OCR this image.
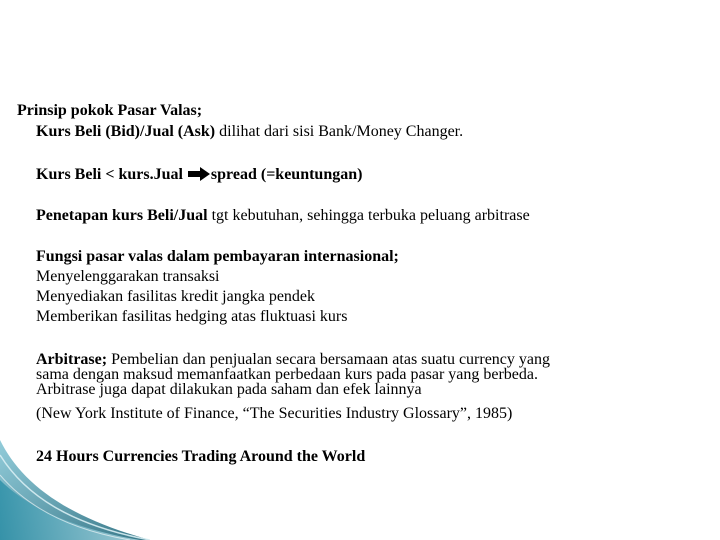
Prinsip pokok Pasar Valas;
Kurs Beli (Bid)/Jual (Ask) dilihat dari sisi Bank/Money Changer.
Kurs Beli < kurs.Jual spread (=keuntungan)
Penetapan kurs Beli/Jual tgt kebutuhan, sehingga terbuka peluang arbitrase
Fungsi pasar valas dalam pembayaran internasional;
Menyelenggarakan transaksi
Menyediakan fasilitas kredit jangka pendek
Memberikan fasilitas hedging atas fluktuasi kurs
Arbitrase; Pembelian dan penjualan secara bersamaan atas suatu currency yang
sama dengan maksud memanfaatkan perbedaan kurs pada pasar yang berbeda.
Arbitrase juga dapat dilakukan pada saham dan efek lainnya
(New York Institute of Finance, “The Securities Industry Glossary”, 1985)
24 Hours Currencies Trading Around the World
